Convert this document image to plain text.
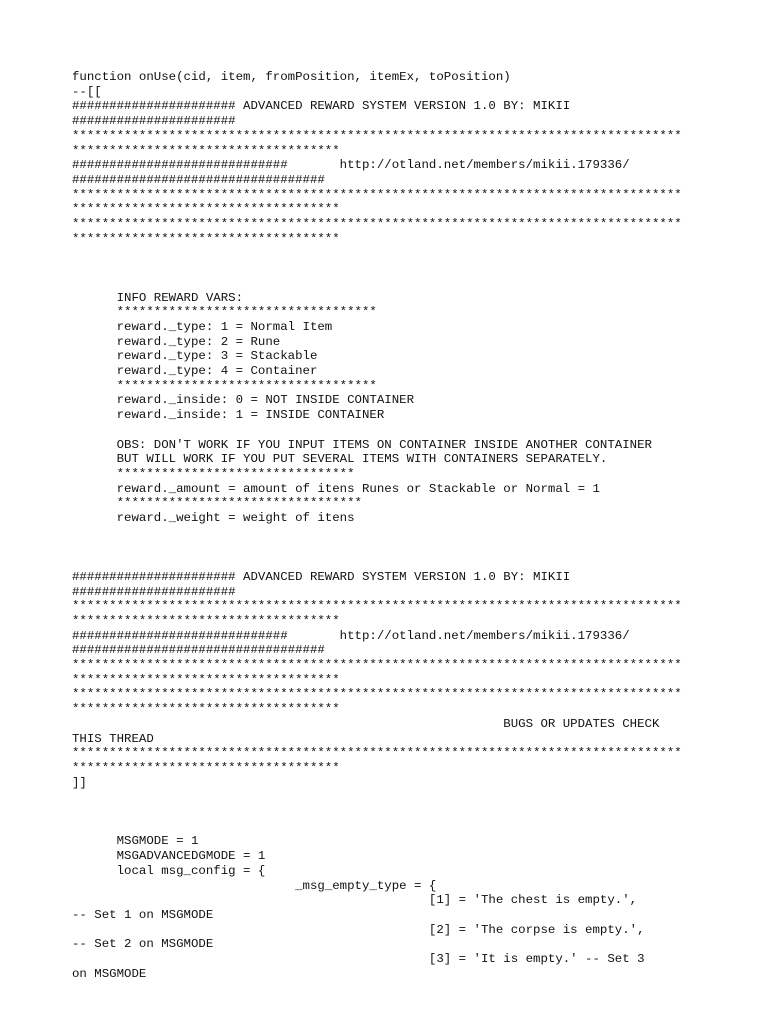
function onUse(cid, item, fromPosition, itemEx, toPosition)
--[[
###################### ADVANCED REWARD SYSTEM VERSION 1.0 BY: MIKII
######################
**********************************************************************************
************************************
#############################       http://otland.net/members/mikii.179336/
##################################
**********************************************************************************
************************************
**********************************************************************************
************************************
INFO REWARD VARS:
***********************************
reward._type: 1 = Normal Item
reward._type: 2 = Rune
reward._type: 3 = Stackable
reward._type: 4 = Container
***********************************
reward._inside: 0 = NOT INSIDE CONTAINER
reward._inside: 1 = INSIDE CONTAINER
OBS: DON'T WORK IF YOU INPUT ITEMS ON CONTAINER INSIDE ANOTHER CONTAINER
BUT WILL WORK IF YOU PUT SEVERAL ITEMS WITH CONTAINERS SEPARATELY.
********************************
reward._amount = amount of itens Runes or Stackable or Normal = 1
*********************************
reward._weight = weight of itens
###################### ADVANCED REWARD SYSTEM VERSION 1.0 BY: MIKII
######################
**********************************************************************************
************************************
#############################       http://otland.net/members/mikii.179336/
##################################
**********************************************************************************
************************************
**********************************************************************************
************************************
BUGS OR UPDATES CHECK
THIS THREAD
**********************************************************************************
************************************
]]
MSGMODE = 1
MSGADVANCEDGMODE = 1
local msg_config = {
_msg_empty_type = {
[1] = 'The chest is empty.',
-- Set 1 on MSGMODE
[2] = 'The corpse is empty.',
-- Set 2 on MSGMODE
[3] = 'It is empty.' -- Set 3
on MSGMODE
